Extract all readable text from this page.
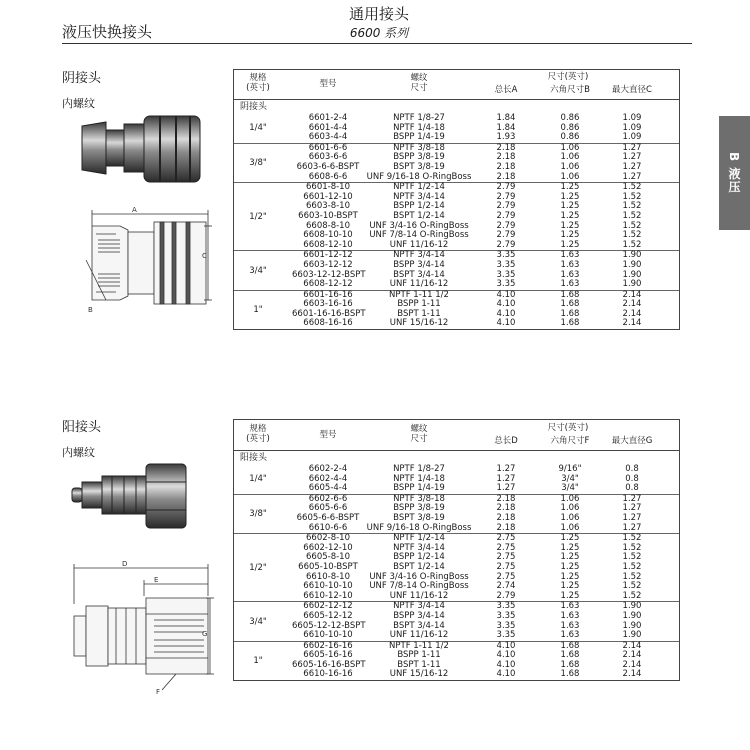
通用接头
6600 系列
液压快换接头
B 液压
阴接头
内螺纹
A
C
B
规格
(英寸)	型号
螺纹
尺寸
尺寸(英寸)
总长A	六角尺寸B	最大直径C
阴接头
1/4"
6601-2-4	NPTF 1/8-27	1.84	0.86	1.09
6601-4-4	NPTF 1/4-18	1.84	0.86	1.09
6603-4-4	BSPP 1/4-19	1.93	0.86	1.09
3/8"
6601-6-6	NPTF 3/8-18	2.18	1.06	1.27
6603-6-6	BSPP 3/8-19	2.18	1.06	1.27
6603-6-6-BSPT	BSPT 3/8-19	2.18	1.06	1.27
6608-6-6	UNF 9/16-18 O-RingBoss	2.18	1.06	1.27
1/2"
6601-8-10	NPTF 1/2-14	2.79	1.25	1.52
6601-12-10	NPTF 3/4-14	2.79	1.25	1.52
6603-8-10	BSPP 1/2-14	2.79	1.25	1.52
6603-10-BSPT	BSPT 1/2-14	2.79	1.25	1.52
6608-8-10	UNF 3/4-16 O-RingBoss	2.79	1.25	1.52
6608-10-10	UNF 7/8-14 O-RingBoss	2.79	1.25	1.52
6608-12-10	UNF 11/16-12	2.79	1.25	1.52
3/4"
6601-12-12	NPTF 3/4-14	3.35	1.63	1.90
6603-12-12	BSPP 3/4-14	3.35	1.63	1.90
6603-12-12-BSPT	BSPT 3/4-14	3.35	1.63	1.90
6608-12-12	UNF 11/16-12	3.35	1.63	1.90
1"
6601-16-16	NPTF 1-11 1/2	4.10	1.68	2.14
6603-16-16	BSPP 1-11	4.10	1.68	2.14
6601-16-16-BSPT	BSPT 1-11	4.10	1.68	2.14
6608-16-16	UNF 15/16-12	4.10	1.68	2.14
阳接头
内螺纹
D
E
G
F
规格
(英寸)	型号
螺纹
尺寸
尺寸(英寸)
总长D	六角尺寸F	最大直径G
阳接头
1/4"
6602-2-4	NPTF 1/8-27	1.27	9/16"	0.8
6602-4-4	NPTF 1/4-18	1.27	3/4"	0.8
6605-4-4	BSPP 1/4-19	1.27	3/4"	0.8
3/8"
6602-6-6	NPTF 3/8-18	2.18	1.06	1.27
6605-6-6	BSPP 3/8-19	2.18	1.06	1.27
6605-6-6-BSPT	BSPT 3/8-19	2.18	1.06	1.27
6610-6-6	UNF 9/16-18 O-RingBoss	2.18	1.06	1.27
1/2"
6602-8-10	NPTF 1/2-14	2.75	1.25	1.52
6602-12-10	NPTF 3/4-14	2.75	1.25	1.52
6605-8-10	BSPP 1/2-14	2.75	1.25	1.52
6605-10-BSPT	BSPT 1/2-14	2.75	1.25	1.52
6610-8-10	UNF 3/4-16 O-RingBoss	2.75	1.25	1.52
6610-10-10	UNF 7/8-14 O-RingBoss	2.74	1.25	1.52
6610-12-10	UNF 11/16-12	2.79	1.25	1.52
3/4"
6602-12-12	NPTF 3/4-14	3.35	1.63	1.90
6605-12-12	BSPP 3/4-14	3.35	1.63	1.90
6605-12-12-BSPT	BSPT 3/4-14	3.35	1.63	1.90
6610-10-10	UNF 11/16-12	3.35	1.63	1.90
1"
6602-16-16	NPTF 1-11 1/2	4.10	1.68	2.14
6605-16-16	BSPP 1-11	4.10	1.68	2.14
6605-16-16-BSPT	BSPT 1-11	4.10	1.68	2.14
6610-16-16	UNF 15/16-12	4.10	1.68	2.14
